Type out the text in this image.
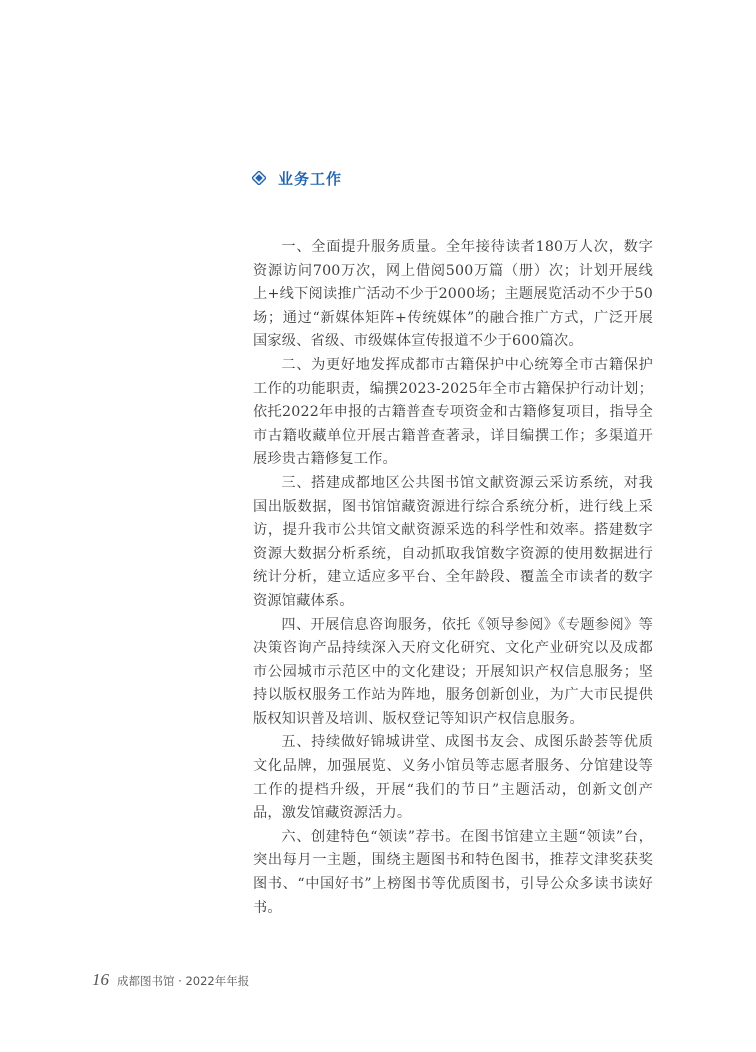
业务工作

一、全面提升服务质量。全年接待读者180万人次，数字资源访问700万次，网上借阅500万篇（册）次；计划开展线上+线下阅读推广活动不少于2000场；主题展览活动不少于50场；通过“新媒体矩阵+传统媒体”的融合推广方式，广泛开展国家级、省级、市级媒体宣传报道不少于600篇次。

二、为更好地发挥成都市古籍保护中心统筹全市古籍保护工作的功能职责，编撰2023-2025年全市古籍保护行动计划；依托2022年申报的古籍普查专项资金和古籍修复项目，指导全市古籍收藏单位开展古籍普查著录，详目编撰工作；多渠道开展珍贵古籍修复工作。

三、搭建成都地区公共图书馆文献资源云采访系统，对我国出版数据，图书馆馆藏资源进行综合系统分析，进行线上采访，提升我市公共馆文献资源采选的科学性和效率。搭建数字资源大数据分析系统，自动抓取我馆数字资源的使用数据进行统计分析，建立适应多平台、全年龄段、覆盖全市读者的数字资源馆藏体系。

四、开展信息咨询服务，依托《领导参阅》《专题参阅》等决策咨询产品持续深入天府文化研究、文化产业研究以及成都市公园城市示范区中的文化建设；开展知识产权信息服务；坚持以版权服务工作站为阵地，服务创新创业，为广大市民提供版权知识普及培训、版权登记等知识产权信息服务。

五、持续做好锦城讲堂、成图书友会、成图乐龄荟等优质文化品牌，加强展览、义务小馆员等志愿者服务、分馆建设等工作的提档升级，开展“我们的节日”主题活动，创新文创产品，激发馆藏资源活力。

六、创建特色“领读”荐书。在图书馆建立主题“领读”台，突出每月一主题，围绕主题图书和特色图书，推荐文津奖获奖图书、“中国好书”上榜图书等优质图书，引导公众多读书读好书。

16 成都图书馆 · 2022年年报
